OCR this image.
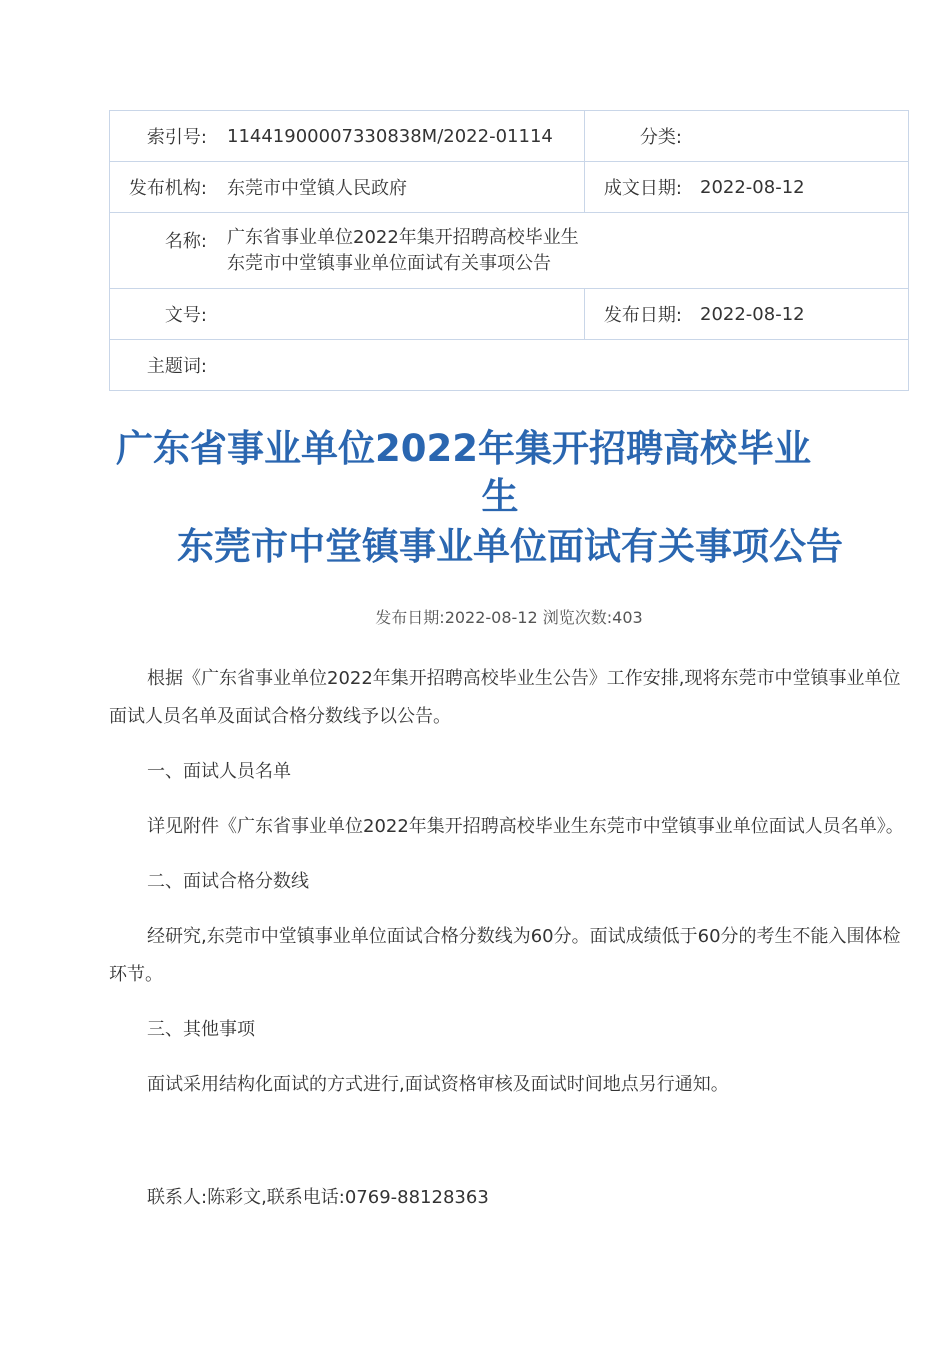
索引号:	11441900007330838M/2022-01114	分类:
发布机构:	东莞市中堂镇人民政府	成文日期:	2022-08-12
名称:	广东省事业单位2022年集开招聘高校毕业生
东莞市中堂镇事业单位面试有关事项公告
文号:	发布日期:	2022-08-12
主题词:
广东省事业单位2022年集开招聘高校毕业
生
东莞市中堂镇事业单位面试有关事项公告
发布日期:2022-08-12 浏览次数:403

根据《广东省事业单位2022年集开招聘高校毕业生公告》工作安排,现将东莞市中堂镇事业单位面试人员名单及面试合格分数线予以公告。

一、面试人员名单

详见附件《广东省事业单位2022年集开招聘高校毕业生东莞市中堂镇事业单位面试人员名单》。

二、面试合格分数线

经研究,东莞市中堂镇事业单位面试合格分数线为60分。面试成绩低于60分的考生不能入围体检环节。

三、其他事项

面试采用结构化面试的方式进行,面试资格审核及面试时间地点另行通知。

联系人:陈彩文,联系电话:0769-88128363
